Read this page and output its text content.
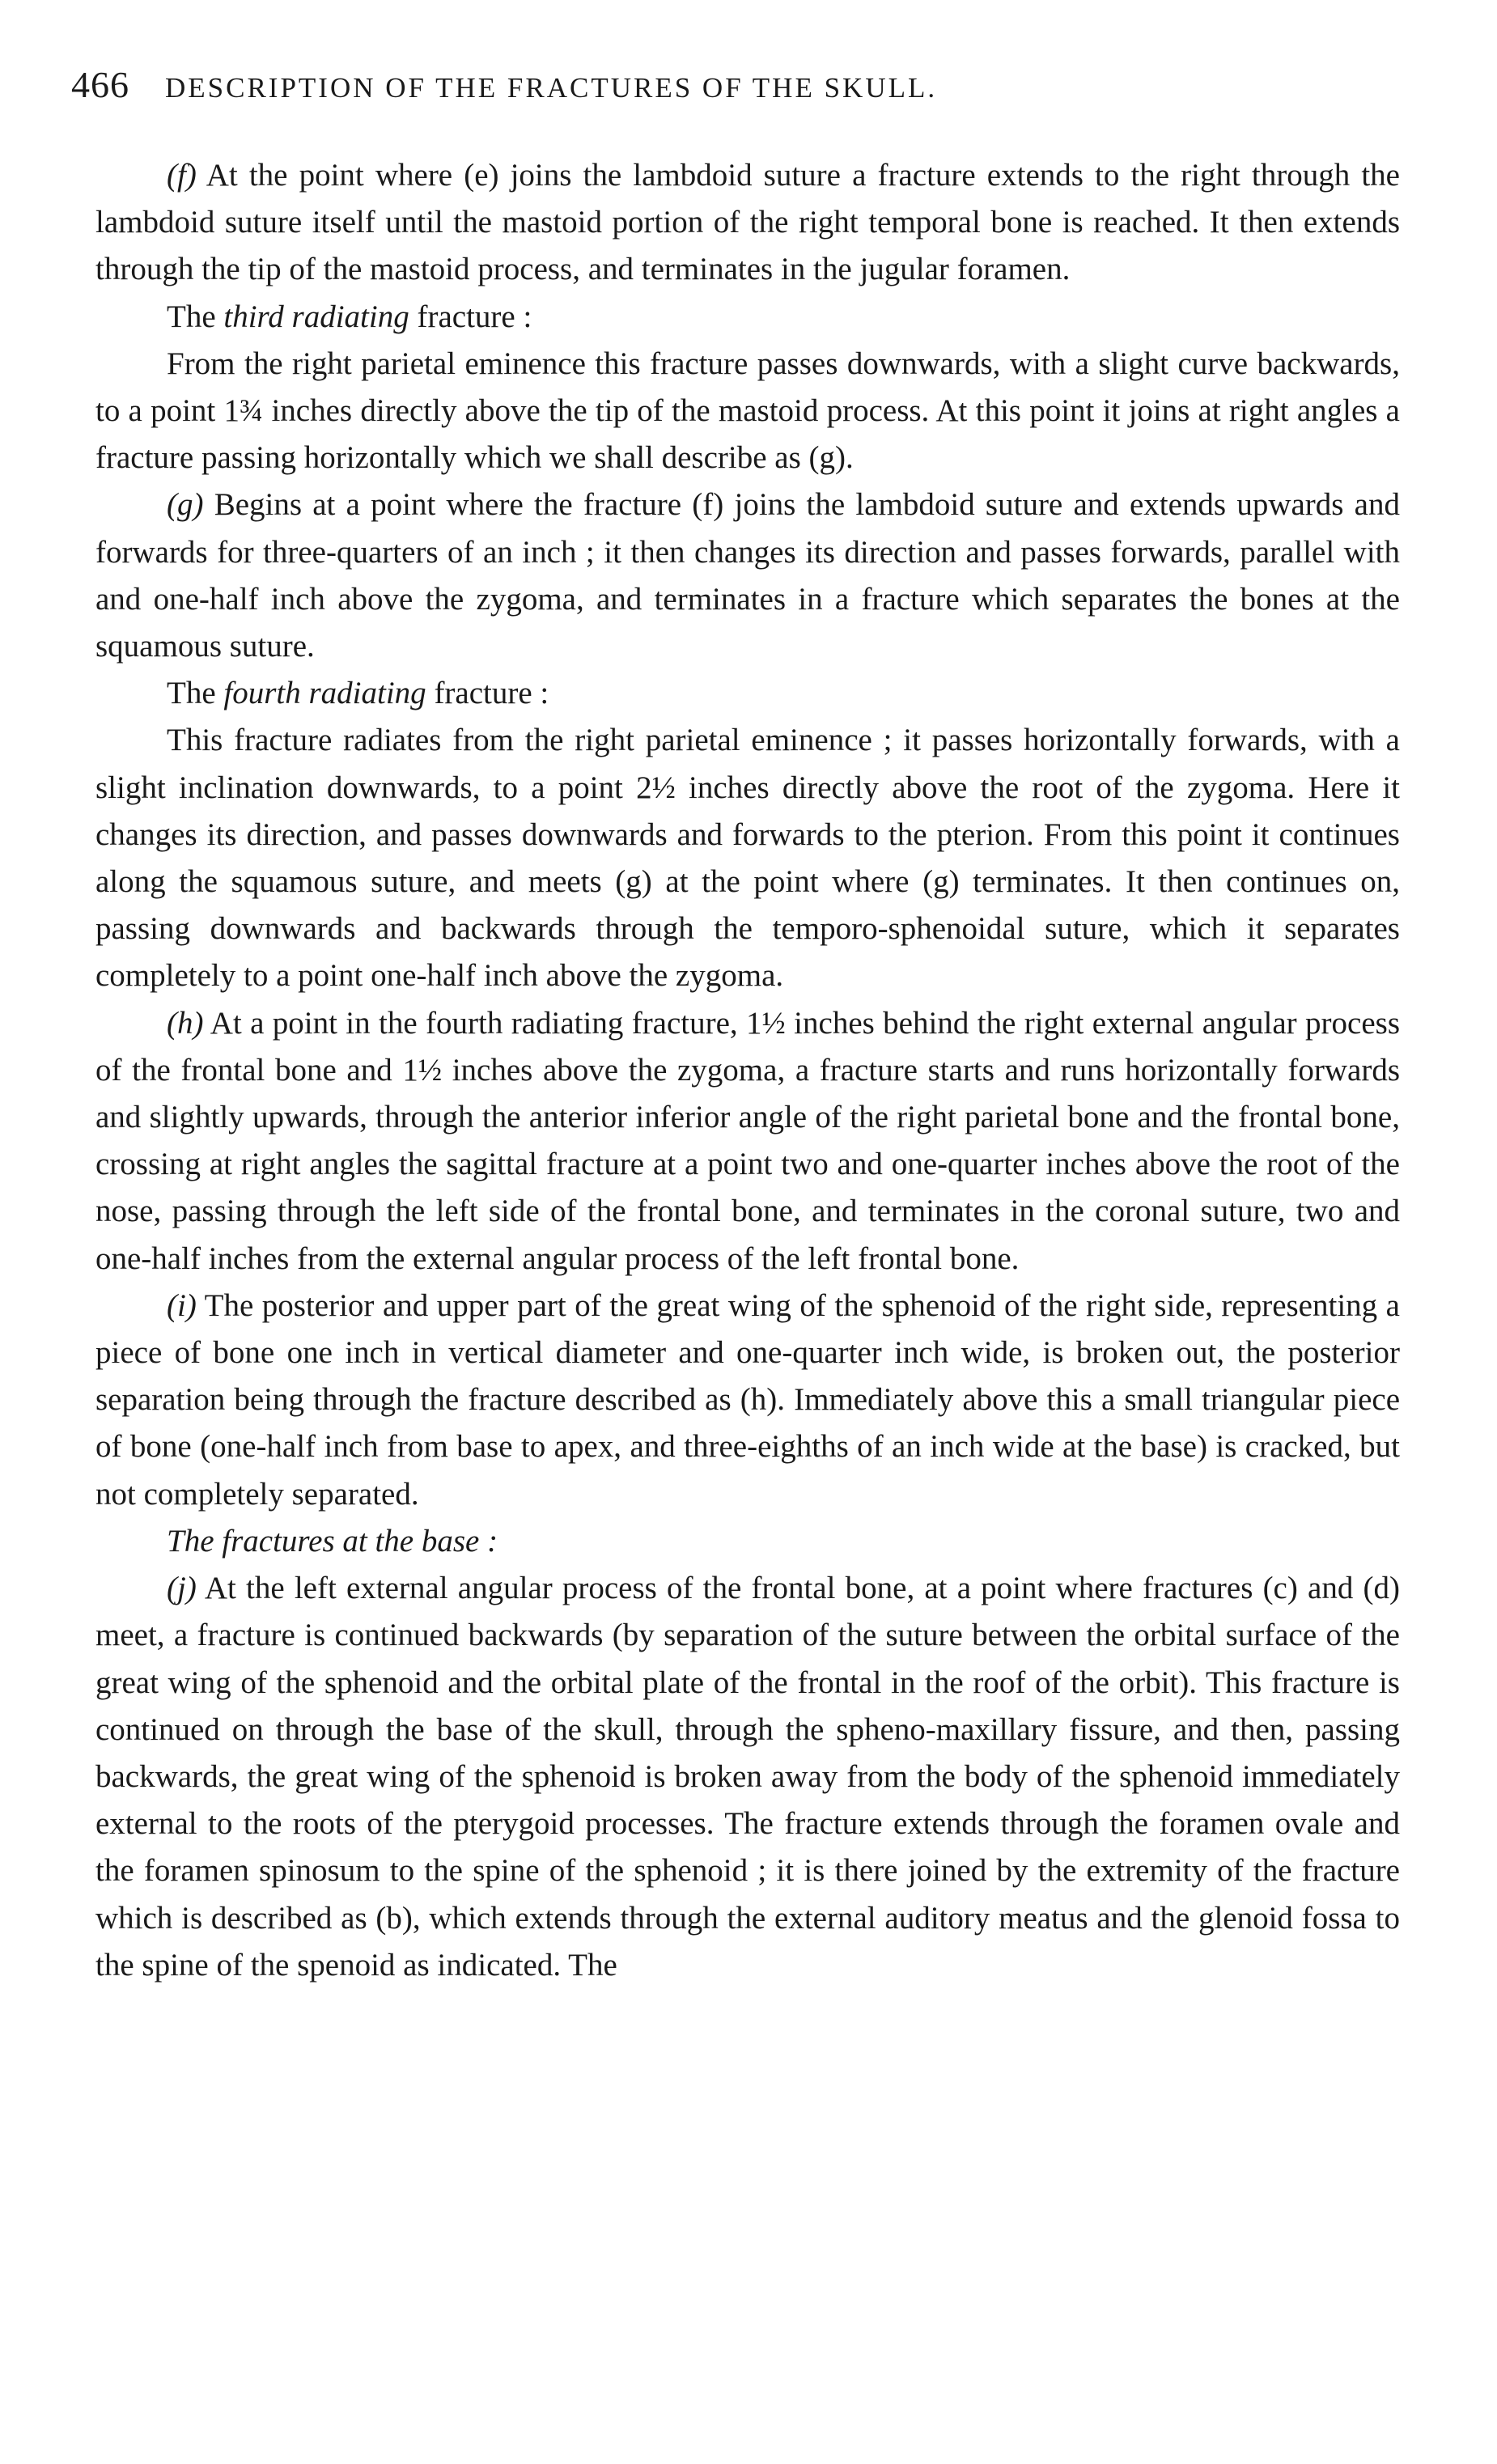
466 DESCRIPTION OF THE FRACTURES OF THE SKULL.

(f) At the point where (e) joins the lambdoid suture a fracture extends to the right through the lambdoid suture itself until the mastoid portion of the right temporal bone is reached. It then extends through the tip of the mastoid process, and terminates in the jugular foramen.

The third radiating fracture :

From the right parietal eminence this fracture passes downwards, with a slight curve backwards, to a point 1¾ inches directly above the tip of the mastoid process. At this point it joins at right angles a fracture passing horizontally which we shall describe as (g).

(g) Begins at a point where the fracture (f) joins the lambdoid suture and extends upwards and forwards for three-quarters of an inch ; it then changes its direction and passes forwards, parallel with and one-half inch above the zygoma, and terminates in a fracture which separates the bones at the squamous suture.

The fourth radiating fracture :

This fracture radiates from the right parietal eminence ; it passes horizontally forwards, with a slight inclination downwards, to a point 2½ inches directly above the root of the zygoma. Here it changes its direction, and passes downwards and forwards to the pterion. From this point it continues along the squamous suture, and meets (g) at the point where (g) terminates. It then continues on, passing downwards and backwards through the temporo-sphenoidal suture, which it separates completely to a point one-half inch above the zygoma.

(h) At a point in the fourth radiating fracture, 1½ inches behind the right external angular process of the frontal bone and 1½ inches above the zygoma, a fracture starts and runs horizontally forwards and slightly upwards, through the anterior inferior angle of the right parietal bone and the frontal bone, crossing at right angles the sagittal fracture at a point two and one-quarter inches above the root of the nose, passing through the left side of the frontal bone, and terminates in the coronal suture, two and one-half inches from the external angular process of the left frontal bone.

(i) The posterior and upper part of the great wing of the sphenoid of the right side, representing a piece of bone one inch in vertical diameter and one-quarter inch wide, is broken out, the posterior separation being through the fracture described as (h). Immediately above this a small triangular piece of bone (one-half inch from base to apex, and three-eighths of an inch wide at the base) is cracked, but not completely separated.

The fractures at the base :

(j) At the left external angular process of the frontal bone, at a point where fractures (c) and (d) meet, a fracture is continued backwards (by separation of the suture between the orbital surface of the great wing of the sphenoid and the orbital plate of the frontal in the roof of the orbit). This fracture is continued on through the base of the skull, through the spheno-maxillary fissure, and then, passing backwards, the great wing of the sphenoid is broken away from the body of the sphenoid immediately external to the roots of the pterygoid processes. The fracture extends through the foramen ovale and the foramen spinosum to the spine of the sphenoid ; it is there joined by the extremity of the fracture which is described as (b), which extends through the external auditory meatus and the glenoid fossa to the spine of the spenoid as indicated. The
